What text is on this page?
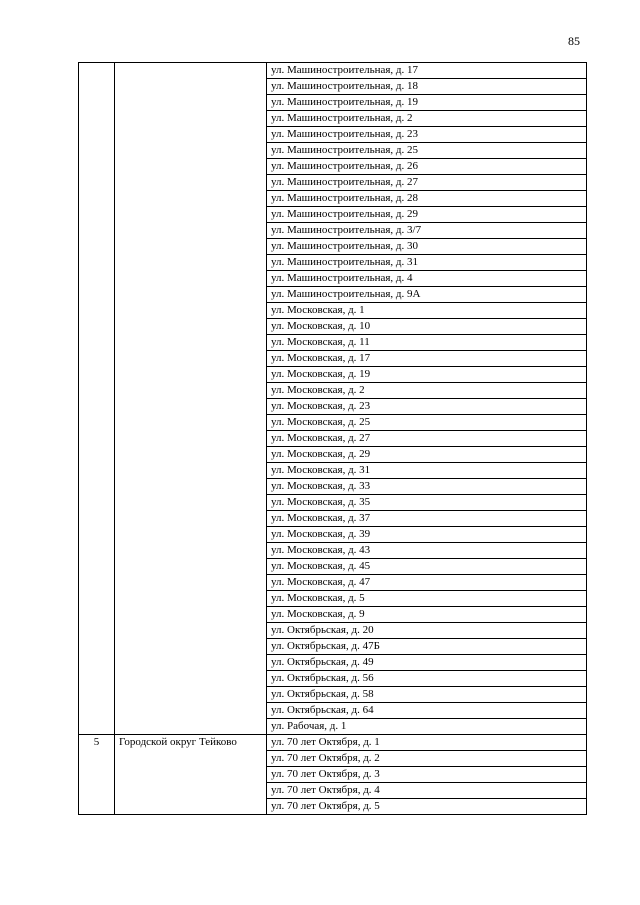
85
		ул. Машиностроительная, д. 17
		ул. Машиностроительная, д. 18
		ул. Машиностроительная, д. 19
		ул. Машиностроительная, д. 2
		ул. Машиностроительная, д. 23
		ул. Машиностроительная, д. 25
		ул. Машиностроительная, д. 26
		ул. Машиностроительная, д. 27
		ул. Машиностроительная, д. 28
		ул. Машиностроительная, д. 29
		ул. Машиностроительная, д. 3/7
		ул. Машиностроительная, д. 30
		ул. Машиностроительная, д. 31
		ул. Машиностроительная, д. 4
		ул. Машиностроительная, д. 9А
		ул. Московская, д. 1
		ул. Московская, д. 10
		ул. Московская, д. 11
		ул. Московская, д. 17
		ул. Московская, д. 19
		ул. Московская, д. 2
		ул. Московская, д. 23
		ул. Московская, д. 25
		ул. Московская, д. 27
		ул. Московская, д. 29
		ул. Московская, д. 31
		ул. Московская, д. 33
		ул. Московская, д. 35
		ул. Московская, д. 37
		ул. Московская, д. 39
		ул. Московская, д. 43
		ул. Московская, д. 45
		ул. Московская, д. 47
		ул. Московская, д. 5
		ул. Московская, д. 9
		ул. Октябрьская, д. 20
		ул. Октябрьская, д. 47Б
		ул. Октябрьская, д. 49
		ул. Октябрьская, д. 56
		ул. Октябрьская, д. 58
		ул. Октябрьская, д. 64
		ул. Рабочая, д. 1
5	Городской округ Тейково	ул. 70 лет Октября, д. 1
		ул. 70 лет Октября, д. 2
		ул. 70 лет Октября, д. 3
		ул. 70 лет Октября, д. 4
		ул. 70 лет Октября, д. 5
